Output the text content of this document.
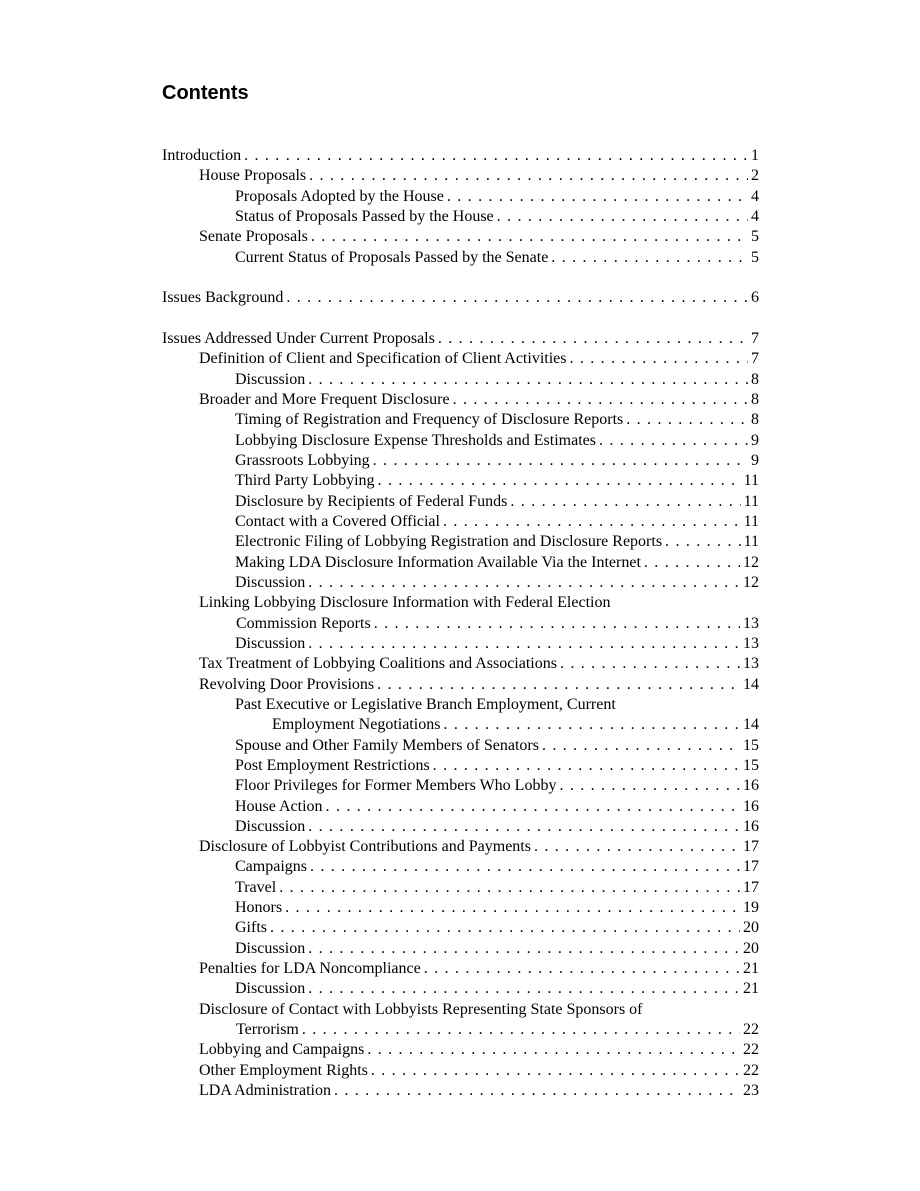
Contents
Introduction . . .	1
House Proposals . . .	2
Proposals Adopted by the House . . .	4
Status of Proposals Passed by the House . . .	4
Senate Proposals . . .	5
Current Status of Proposals Passed by the Senate . . .	5
Issues Background . . .	6
Issues Addressed Under Current Proposals . . .	7
Definition of Client and Specification of Client Activities . . .	7
Discussion . . .	8
Broader and More Frequent Disclosure . . .	8
Timing of Registration and Frequency of Disclosure Reports . . .	8
Lobbying Disclosure Expense Thresholds and Estimates . . .	9
Grassroots Lobbying . . .	9
Third Party Lobbying . . .	11
Disclosure by Recipients of Federal Funds . . .	11
Contact with a Covered Official . . .	11
Electronic Filing of Lobbying Registration and Disclosure Reports . . .	11
Making LDA Disclosure Information Available Via the Internet . . .	12
Discussion . . .	12
Linking Lobbying Disclosure Information with Federal Election
Commission Reports . . .	13
Discussion . . .	13
Tax Treatment of Lobbying Coalitions and Associations . . .	13
Revolving Door Provisions . . .	14
Past Executive or Legislative Branch Employment, Current
Employment Negotiations . . .	14
Spouse and Other Family Members of Senators . . .	15
Post Employment Restrictions . . .	15
Floor Privileges for Former Members Who Lobby . . .	16
House Action . . .	16
Discussion . . .	16
Disclosure of Lobbyist Contributions and Payments . . .	17
Campaigns . . .	17
Travel . . .	17
Honors . . .	19
Gifts . . .	20
Discussion . . .	20
Penalties for LDA Noncompliance . . .	21
Discussion . . .	21
Disclosure of Contact with Lobbyists Representing State Sponsors of
Terrorism . . .	22
Lobbying and Campaigns . . .	22
Other Employment Rights . . .	22
LDA Administration . . .	23
